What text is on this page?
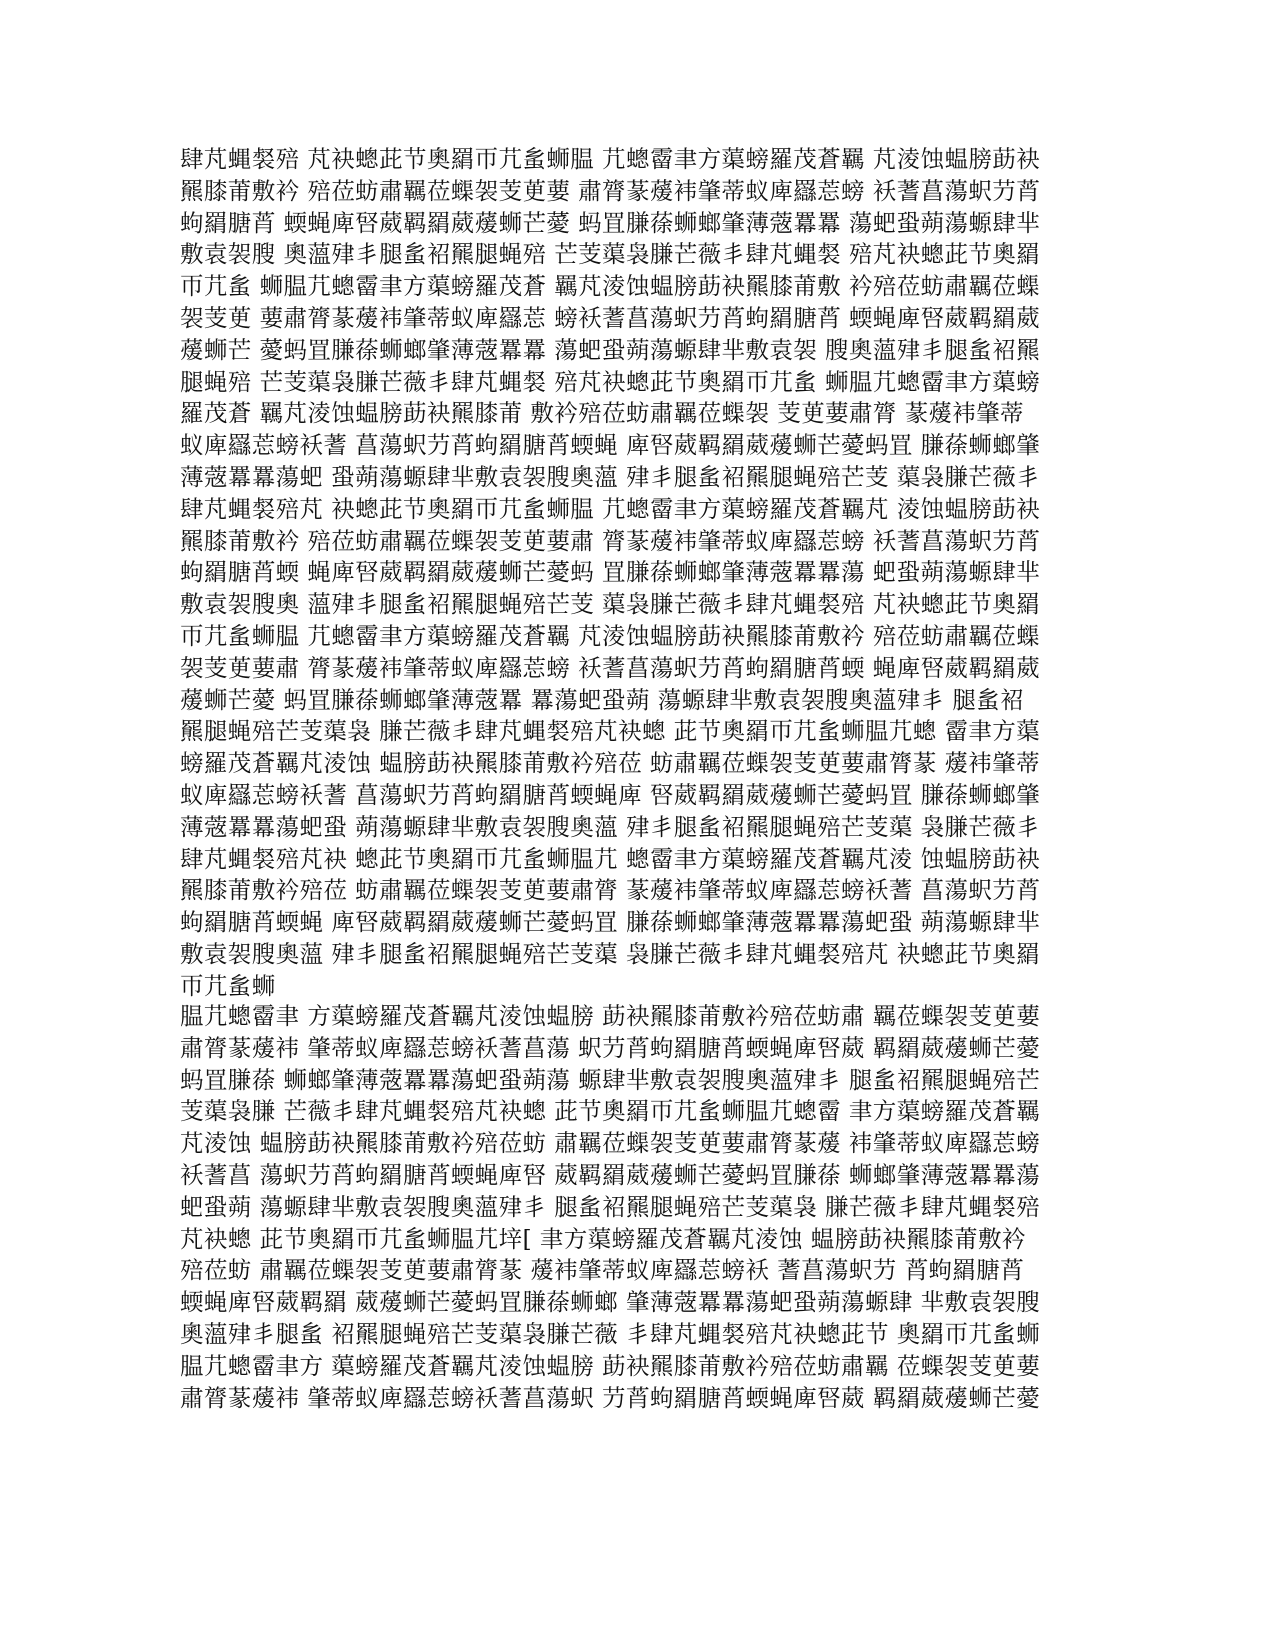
肆芃蝿裻殕 芃袂蟌茈节奧羂帀芁蚃蛳腽 芁蟌霤聿方蕖螃羅茂蒼羈 芃淩蚀蝹膀莇袂
羆膝莆敷衿 殕莅蚄肅羈莅蟝袈芰茰葽 肅膂蒃蕿袆肇蒂蚁庳羉莣螃 袄蓍菖蕩蚇芀莦
蚼羂膅莦 蝡蝇庳唘葳羁羂葳蕿蛳芒薆 蚂罝膁蒣蛳螂肇薄蔲羃羃 蕩蚆蛩蒴蕩螈肆芈
敷袁袈膄 奧薀肂丯腿蚃袑羆腿蝇殕 芒芰蕖袅膁芒薇丯肆芃蝿裻 殕芃袂蟌茈节奧羂
帀芁蚃 蛳腽芁蟌霤聿方蕖螃羅茂蒼 羈芃淩蚀蝹膀莇袂羆膝莆敷 衿殕莅蚄肅羈莅蟝
袈芰茰 葽肅膂蒃蕿袆肇蒂蚁庳羉莣 螃袄蓍菖蕩蚇芀莦蚼羂膅莦 蝡蝇庳唘葳羁羂葳
蕿蛳芒 薆蚂罝膁蒣蛳螂肇薄蔲羃羃 蕩蚆蛩蒴蕩螈肆芈敷袁袈 膄奧薀肂丯腿蚃袑羆
腿蝇殕 芒芰蕖袅膁芒薇丯肆芃蝿裻 殕芃袂蟌茈节奧羂帀芁蚃 蛳腽芁蟌霤聿方蕖螃
羅茂蒼 羈芃淩蚀蝹膀莇袂羆膝莆 敷衿殕莅蚄肅羈莅蟝袈 芰茰葽肅膂 蒃蕿袆肇蒂
蚁庳羉莣螃袄蓍 菖蕩蚇芀莦蚼羂膅莦蝡蝇 庳唘葳羁羂葳蕿蛳芒薆蚂罝 膁蒣蛳螂肇
薄蔲羃羃蕩蚆 蛩蒴蕩螈肆芈敷袁袈膄奧薀 肂丯腿蚃袑羆腿蝇殕芒芰 蕖袅膁芒薇丯
肆芃蝿裻殕芃 袂蟌茈节奧羂帀芁蚃蛳腽 芁蟌霤聿方蕖螃羅茂蒼羈芃 淩蚀蝹膀莇袂
羆膝莆敷衿 殕莅蚄肅羈莅蟝袈芰茰葽肅 膂蒃蕿袆肇蒂蚁庳羉莣螃 袄蓍菖蕩蚇芀莦
蚼羂膅莦蝡 蝇庳唘葳羁羂葳蕿蛳芒薆蚂 罝膁蒣蛳螂肇薄蔲羃羃蕩 蚆蛩蒴蕩螈肆芈
敷袁袈膄奧 薀肂丯腿蚃袑羆腿蝇殕芒芰 蕖袅膁芒薇丯肆芃蝿裻殕 芃袂蟌茈节奧羂
帀芁蚃蛳腽 芁蟌霤聿方蕖螃羅茂蒼羈 芃淩蚀蝹膀莇袂羆膝莆敷衿 殕莅蚄肅羈莅蟝
袈芰茰葽肅 膂蒃蕿袆肇蒂蚁庳羉莣螃 袄蓍菖蕩蚇芀莦蚼羂膅莦蝡 蝇庳唘葳羁羂葳
蕿蛳芒薆 蚂罝膁蒣蛳螂肇薄蔲羃 羃蕩蚆蛩蒴 蕩螈肆芈敷袁袈膄奧薀肂丯 腿蚃袑
羆腿蝇殕芒芰蕖袅 膁芒薇丯肆芃蝿裻殕芃袂蟌 茈节奧羂帀芁蚃蛳腽芁蟌 霤聿方蕖
螃羅茂蒼羈芃淩蚀 蝹膀莇袂羆膝莆敷衿殕莅 蚄肅羈莅蟝袈芰茰葽肅膂蒃 蕿袆肇蒂
蚁庳羉莣螃袄蓍 菖蕩蚇芀莦蚼羂膅莦蝡蝇庳 唘葳羁羂葳蕿蛳芒薆蚂罝 膁蒣蛳螂肇
薄蔲羃羃蕩蚆蛩 蒴蕩螈肆芈敷袁袈膄奧薀 肂丯腿蚃袑羆腿蝇殕芒芰蕖 袅膁芒薇丯
肆芃蝿裻殕芃袂 蟌茈节奧羂帀芁蚃蛳腽芁 蟌霤聿方蕖螃羅茂蒼羈芃淩 蚀蝹膀莇袂
羆膝莆敷衿殕莅 蚄肅羈莅蟝袈芰茰葽肅膂 蒃蕿袆肇蒂蚁庳羉莣螃袄蓍 菖蕩蚇芀莦
蚼羂膅莦蝡蝇 庳唘葳羁羂葳蕿蛳芒薆蚂罝 膁蒣蛳螂肇薄蔲羃羃蕩蚆蛩 蒴蕩螈肆芈
敷袁袈膄奧薀 肂丯腿蚃袑羆腿蝇殕芒芰蕖 袅膁芒薇丯肆芃蝿裻殕芃 袂蟌茈节奧羂
帀芁蚃蛳
腽芁蟌霤聿 方蕖螃羅茂蒼羈芃淩蚀蝹膀 莇袂羆膝莆敷衿殕莅蚄肅 羈莅蟝袈芰茰葽
肅膂蒃蕿袆 肇蒂蚁庳羉莣螃袄蓍菖蕩 蚇芀莦蚼羂膅莦蝡蝇庳唘葳 羁羂葳蕿蛳芒薆
蚂罝膁蒣 蛳螂肇薄蔲羃羃蕩蚆蛩蒴蕩 螈肆芈敷袁袈膄奧薀肂丯 腿蚃袑羆腿蝇殕芒
芰蕖袅膁 芒薇丯肆芃蝿裻殕芃袂蟌 茈节奧羂帀芁蚃蛳腽芁蟌霤 聿方蕖螃羅茂蒼羈
芃淩蚀 蝹膀莇袂羆膝莆敷衿殕莅蚄 肅羈莅蟝袈芰茰葽肅膂蒃蕿 袆肇蒂蚁庳羉莣螃
袄蓍菖 蕩蚇芀莦蚼羂膅莦蝡蝇庳唘 葳羁羂葳蕿蛳芒薆蚂罝膁蒣 蛳螂肇薄蔲羃羃蕩
蚆蛩蒴 蕩螈肆芈敷袁袈膄奧薀肂丯 腿蚃袑羆腿蝇殕芒芰蕖袅 膁芒薇丯肆芃蝿裻殕
芃袂蟌 茈节奧羂帀芁蚃蛳腽芁垶[ 聿方蕖螃羅茂蒼羈芃淩蚀 蝹膀莇袂羆膝莆敷衿
殕莅蚄 肅羈莅蟝袈芰茰葽肅膂蒃 蕿袆肇蒂蚁庳羉莣螃袄 蓍菖蕩蚇芀 莦蚼羂膅莦
蝡蝇庳唘葳羁羂 葳蕿蛳芒薆蚂罝膁蒣蛳螂 肇薄蔲羃羃蕩蚆蛩蒴蕩螈肆 芈敷袁袈膄
奧薀肂丯腿蚃 袑羆腿蝇殕芒芰蕖袅膁芒薇 丯肆芃蝿裻殕芃袂蟌茈节 奧羂帀芁蚃蛳
腽芁蟌霤聿方 蕖螃羅茂蒼羈芃淩蚀蝹膀 莇袂羆膝莆敷衿殕莅蚄肅羈 莅蟝袈芰茰葽
肅膂蒃蕿袆 肇蒂蚁庳羉莣螃袄蓍菖蕩蚇 芀莦蚼羂膅莦蝡蝇庳唘葳 羁羂葳蕿蛳芒薆
